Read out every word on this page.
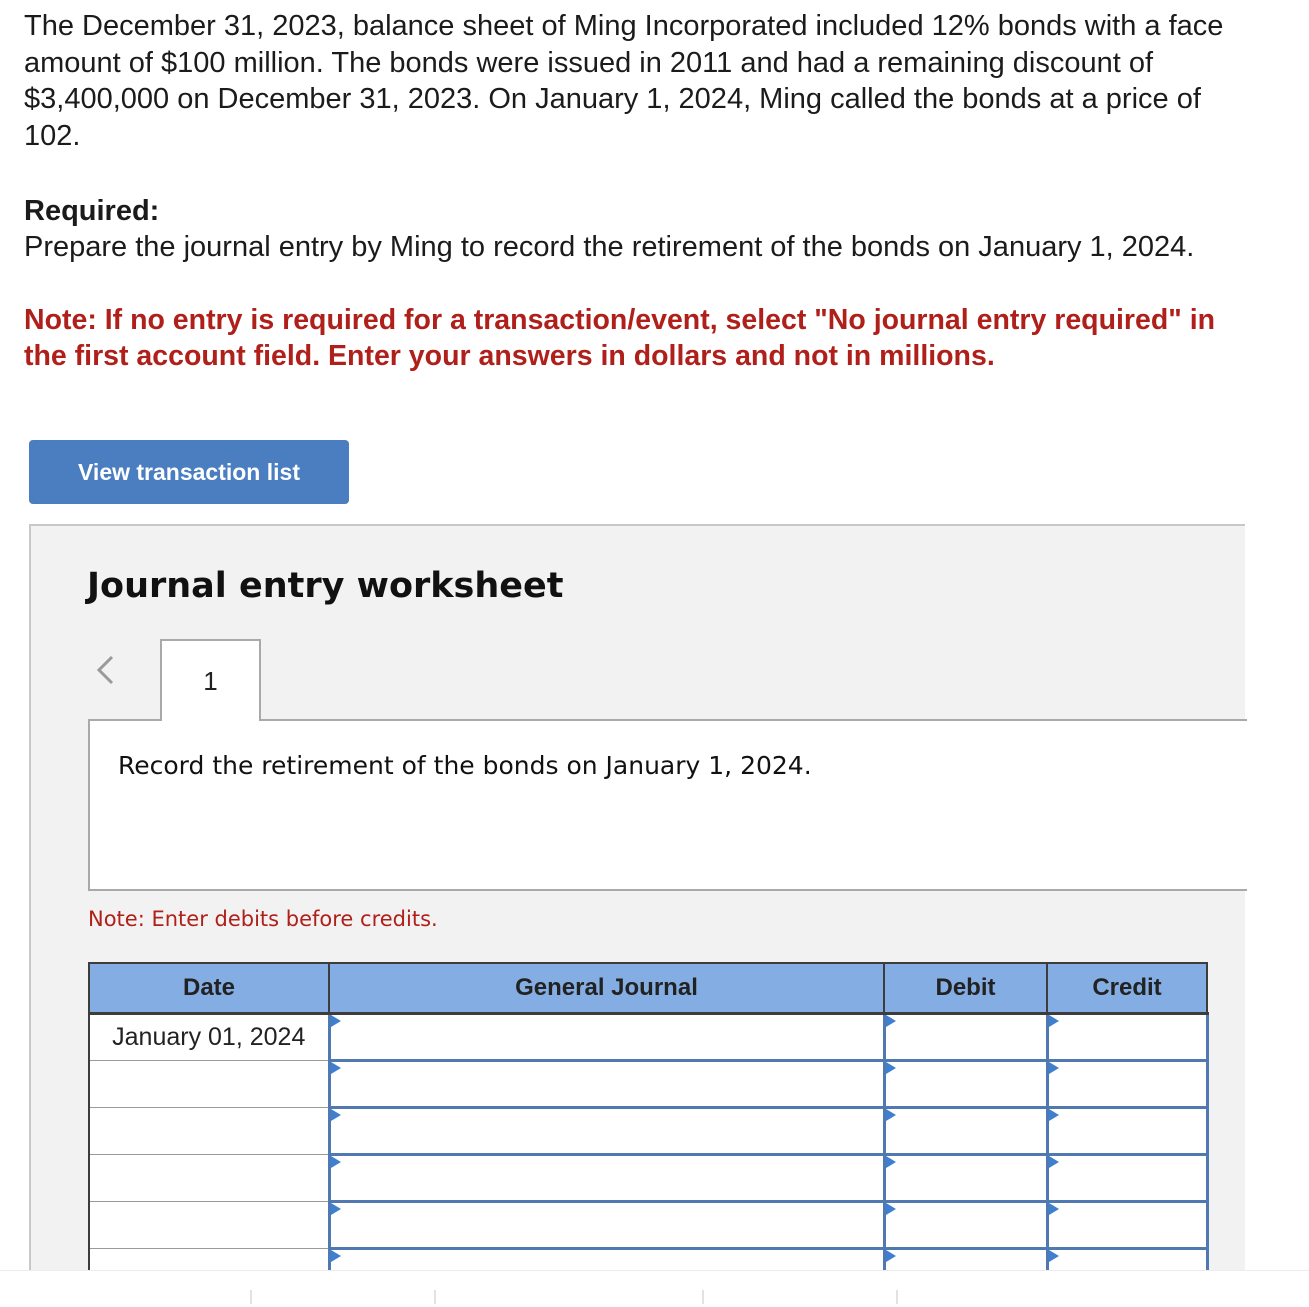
The December 31, 2023, balance sheet of Ming Incorporated included 12% bonds with a face amount of $100 million. The bonds were issued in 2011 and had a remaining discount of $3,400,000 on December 31, 2023. On January 1, 2024, Ming called the bonds at a price of 102.

Required:

Prepare the journal entry by Ming to record the retirement of the bonds on January 1, 2024.

Note: If no entry is required for a transaction/event, select "No journal entry required" in the first account field. Enter your answers in dollars and not in millions.

View transaction list
Journal entry worksheet
1

Record the retirement of the bonds on January 1, 2024.

Note: Enter debits before credits.

Date	General Journal	Debit	Credit
January 01, 2024			
